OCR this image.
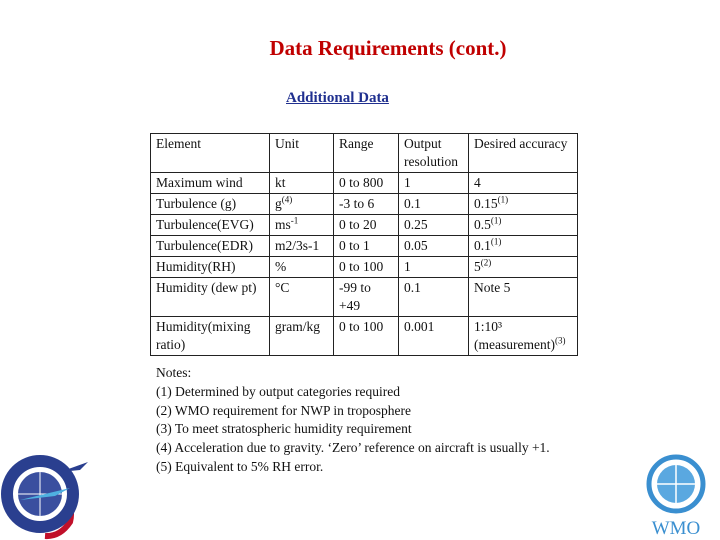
Data Requirements (cont.)
Additional Data
Element	Unit	Range	Output resolution	Desired accuracy
Maximum wind	kt	0 to 800	1	4
Turbulence (g)	$g^{(4)}$	-3 to 6	0.1	0.15$^{(1)}$
Turbulence(EVG)	$ms^{-1}$	0 to 20	0.25	0.5$^{(1)}$
Turbulence(EDR)	m2/3s-1	0 to 1	0.05	0.1$^{(1)}$
Humidity(RH)	%	0 to 100	1	5$^{(2)}$
Humidity (dew pt)	°C	-99 to +49	0.1	Note 5
Humidity(mixing ratio)	gram/kg	0 to 100	0.001	1:10³ (measurement)$^{(3)}$
Notes:
(1) Determined by output categories required
(2) WMO requirement for NWP in troposphere
(3) To meet stratospheric humidity requirement
(4) Acceleration due to gravity. ‘Zero’ reference on aircraft is usually +1.
(5) Equivalent to 5% RH error.
WMO
